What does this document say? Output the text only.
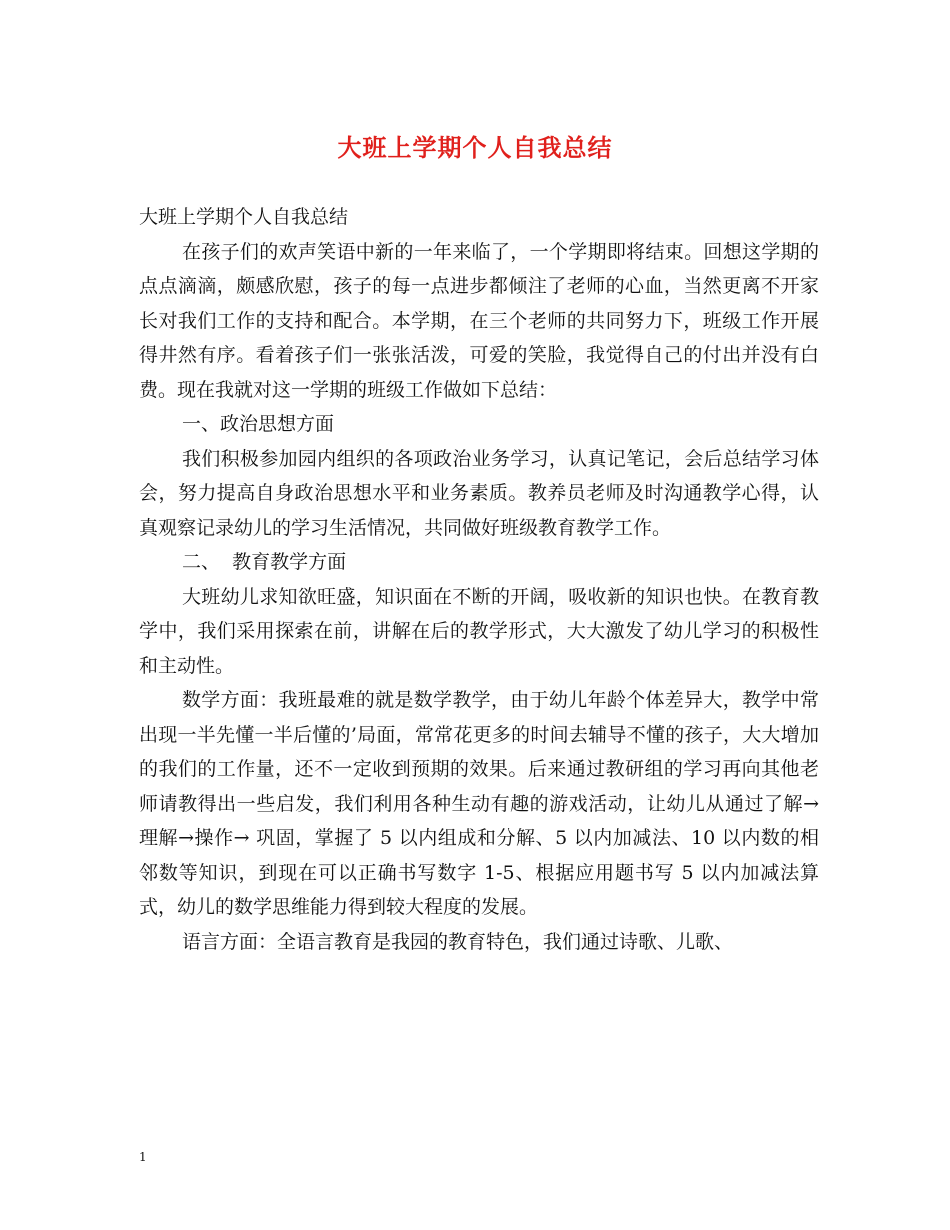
大班上学期个人自我总结

大班上学期个人自我总结

在孩子们的欢声笑语中新的一年来临了，一个学期即将结束。回想这学期的点点滴滴，颇感欣慰，孩子的每一点进步都倾注了老师的心血，当然更离不开家长对我们工作的支持和配合。本学期，在三个老师的共同努力下，班级工作开展得井然有序。看着孩子们一张张活泼，可爱的笑脸，我觉得自己的付出并没有白费。现在我就对这一学期的班级工作做如下总结：

一、政治思想方面

我们积极参加园内组织的各项政治业务学习，认真记笔记，会后总结学习体会，努力提高自身政治思想水平和业务素质。教养员老师及时沟通教学心得，认真观察记录幼儿的学习生活情况，共同做好班级教育教学工作。

二、  教育教学方面

大班幼儿求知欲旺盛，知识面在不断的开阔，吸收新的知识也快。在教育教学中，我们采用探索在前，讲解在后的教学形式，大大激发了幼儿学习的积极性和主动性。

数学方面：我班最难的就是数学教学，由于幼儿年龄个体差异大，教学中常出现一半先懂一半后懂的’局面，常常花更多的时间去辅导不懂的孩子，大大增加的我们的工作量，还不一定收到预期的效果。后来通过教研组的学习再向其他老师请教得出一些启发，我们利用各种生动有趣的游戏活动，让幼儿从通过了解→理解→操作→ 巩固，掌握了 5 以内组成和分解、5 以内加减法、10 以内数的相邻数等知识，到现在可以正确书写数字 1-5、根据应用题书写 5 以内加减法算式，幼儿的数学思维能力得到较大程度的发展。

语言方面：全语言教育是我园的教育特色，我们通过诗歌、儿歌、

1
